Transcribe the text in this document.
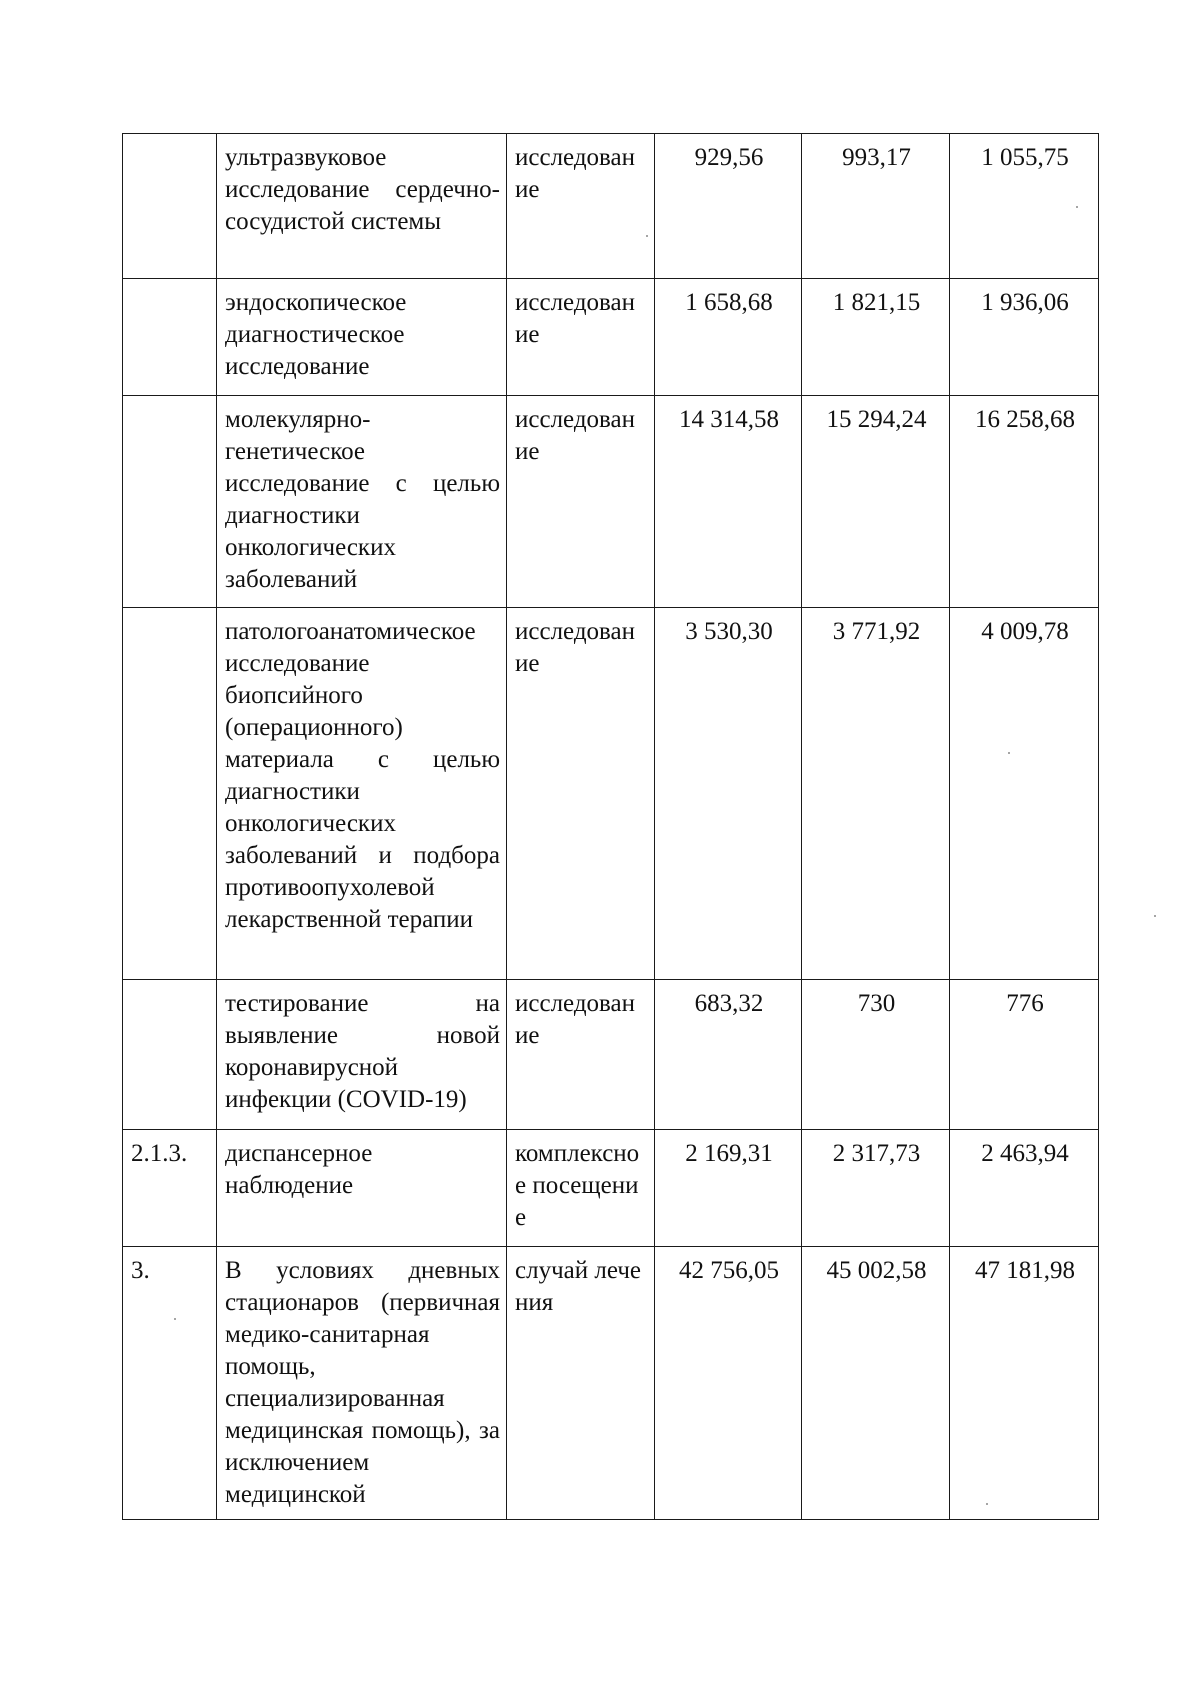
	ультразвуковое исследование сердечно-сосудистой системы	исследование	929,56	993,17	1 055,75
	эндоскопическое диагностическое исследование	исследование	1 658,68	1 821,15	1 936,06
	молекулярно-генетическое исследование с целью диагностики онкологических заболеваний	исследование	14 314,58	15 294,24	16 258,68
	патологоанатомическое исследование биопсийного (операционного) материала с целью диагностики онкологических заболеваний и подбора противоопухолевой лекарственной терапии	исследование	3 530,30	3 771,92	4 009,78
	тестирование на выявление новой коронавирусной инфекции (COVID-19)	исследование	683,32	730	776
2.1.3.	диспансерное наблюдение	комплексное посещение	2 169,31	2 317,73	2 463,94
3.	В условиях дневных стационаров (первичная медико-санитарная помощь, специализированная медицинская помощь), за исключением медицинской	случай лечения	42 756,05	45 002,58	47 181,98
